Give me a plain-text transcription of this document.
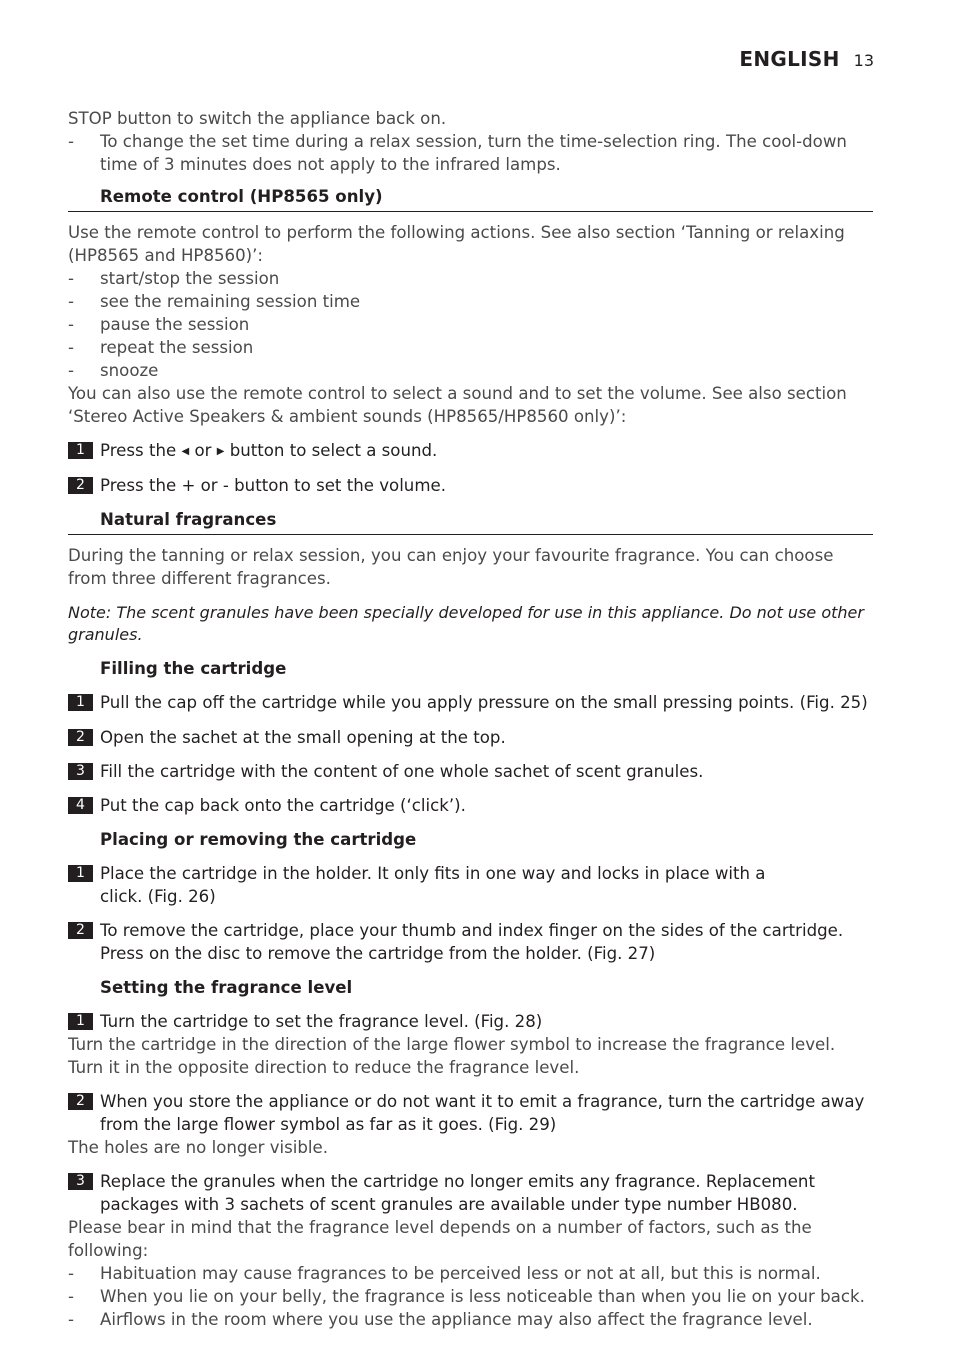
ENGLISH 13
STOP button to switch the appliance back on.
- To change the set time during a relax session, turn the time-selection ring. The cool-down time of 3 minutes does not apply to the infrared lamps.
Remote control (HP8565 only)
Use the remote control to perform the following actions. See also section ‘Tanning or relaxing (HP8565 and HP8560)’:
- start/stop the session
- see the remaining session time
- pause the session
- repeat the session
- snooze
You can also use the remote control to select a sound and to set the volume. See also section ‘Stereo Active Speakers & ambient sounds (HP8565/HP8560 only)’:
1 Press the ◀ or ▶ button to select a sound.
2 Press the + or - button to set the volume.
Natural fragrances
During the tanning or relax session, you can enjoy your favourite fragrance. You can choose from three different fragrances.
Note: The scent granules have been specially developed for use in this appliance. Do not use other granules.
Filling the cartridge
1 Pull the cap off the cartridge while you apply pressure on the small pressing points. (Fig. 25)
2 Open the sachet at the small opening at the top.
3 Fill the cartridge with the content of one whole sachet of scent granules.
4 Put the cap back onto the cartridge (‘click’).
Placing or removing the cartridge
1 Place the cartridge in the holder. It only fits in one way and locks in place with a
click. (Fig. 26)
2 To remove the cartridge, place your thumb and index finger on the sides of the cartridge.
Press on the disc to remove the cartridge from the holder. (Fig. 27)
Setting the fragrance level
1 Turn the cartridge to set the fragrance level. (Fig. 28)
Turn the cartridge in the direction of the large flower symbol to increase the fragrance level. Turn it in the opposite direction to reduce the fragrance level.
2 When you store the appliance or do not want it to emit a fragrance, turn the cartridge away
from the large flower symbol as far as it goes. (Fig. 29)
The holes are no longer visible.
3 Replace the granules when the cartridge no longer emits any fragrance. Replacement
packages with 3 sachets of scent granules are available under type number HB080.
Please bear in mind that the fragrance level depends on a number of factors, such as the following:
- Habituation may cause fragrances to be perceived less or not at all, but this is normal.
- When you lie on your belly, the fragrance is less noticeable than when you lie on your back.
- Airflows in the room where you use the appliance may also affect the fragrance level.
